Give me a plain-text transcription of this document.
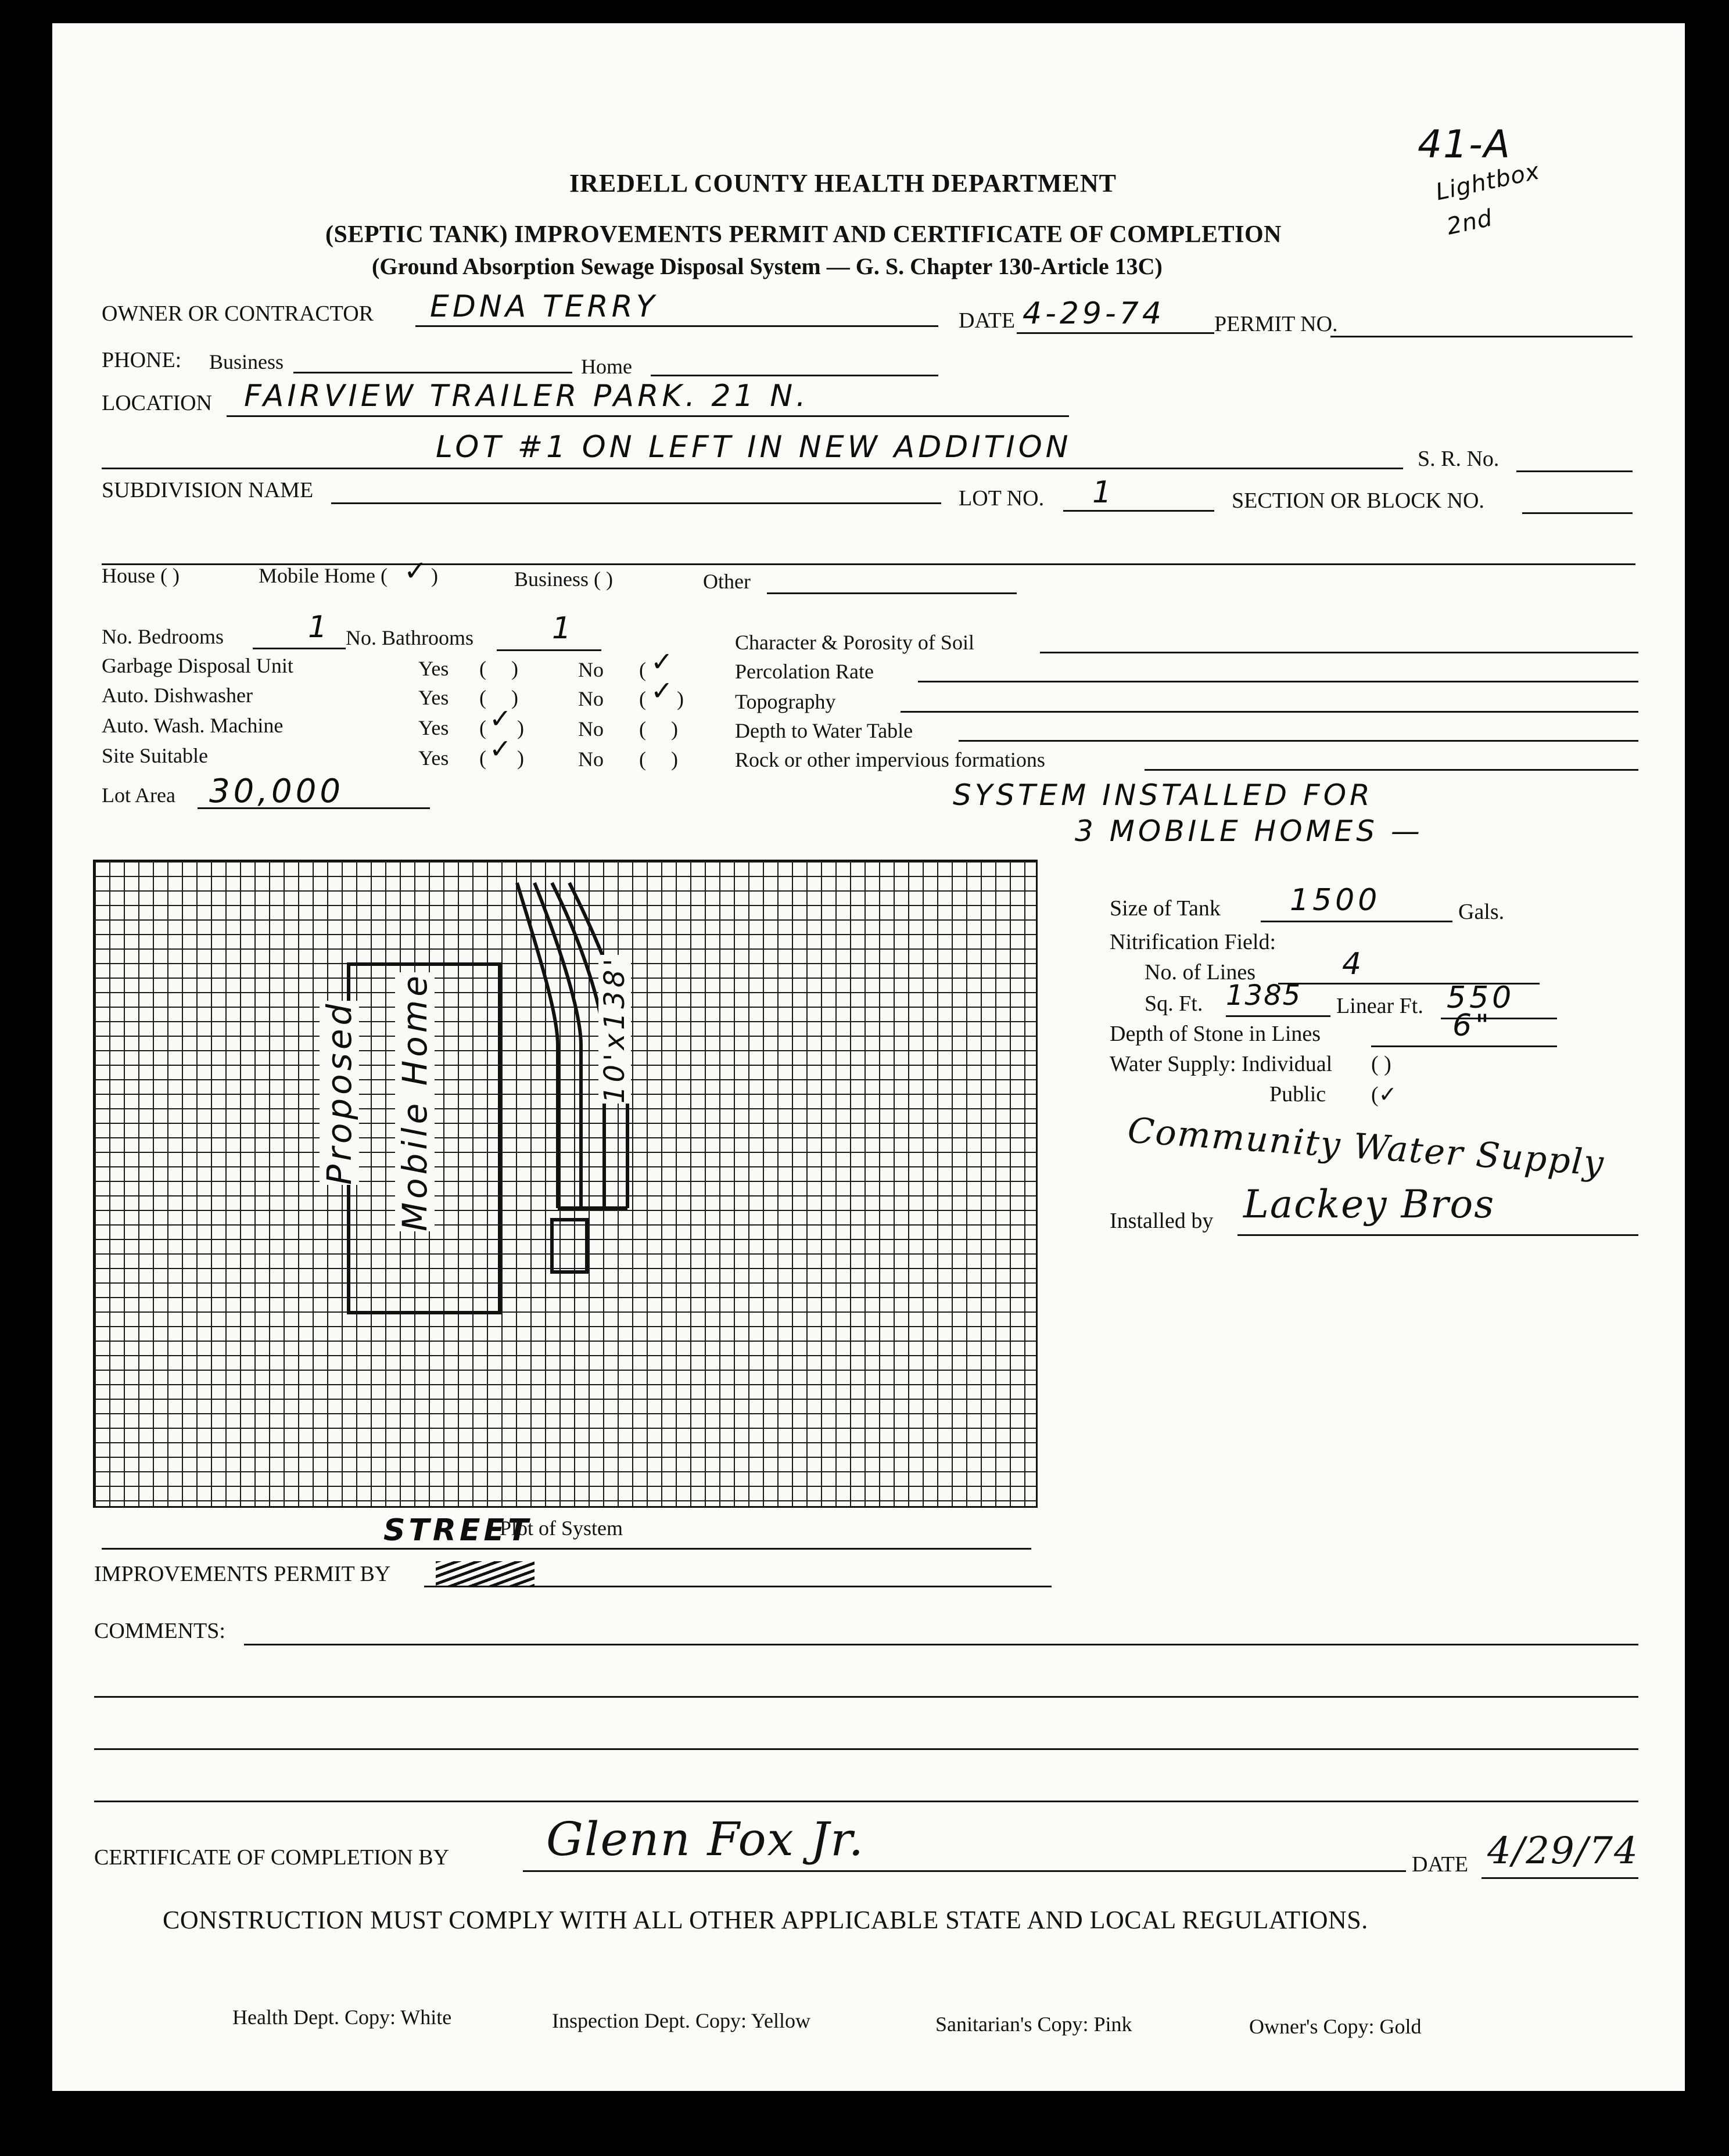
IREDELL COUNTY HEALTH DEPARTMENT
(SEPTIC TANK) IMPROVEMENTS PERMIT AND CERTIFICATE OF COMPLETION
(Ground Absorption Sewage Disposal System — G. S. Chapter 130-Article 13C)
41-A
Lightbox
2nd
OWNER OR CONTRACTOR EDNA TERRY	DATE 4-29-74 PERMIT NO.
PHONE: Business	Home
LOCATION FAIRVIEW TRAILER PARK. 21 N.
LOT #1 ON LEFT IN NEW ADDITION	S. R. No.
SUBDIVISION NAME	LOT NO. 1	SECTION OR BLOCK NO.
House ( )	Mobile Home ( ✓ )	Business ( )	Other
No. Bedrooms	1 No. Bathrooms	1
Garbage Disposal Unit	Yes ( )	No ( ✓
Auto. Dishwasher	Yes ( )	No ( ✓ )
Auto. Wash. Machine	Yes ( ✓ )	No ( )
Site Suitable	Yes ( ✓ )	No ( )
Lot Area 30,000
Character & Porosity of Soil
Percolation Rate
Topography
Depth to Water Table
Rock or other impervious formations
SYSTEM INSTALLED FOR
3 MOBILE HOMES —
Proposed Mobile Home	10'x138'
STREET
Plot of System
Size of Tank 1500	Gals.
Nitrification Field:
No. of Lines	4
Sq. Ft. 1385 Linear Ft. 550
Depth of Stone in Lines	6"
Water Supply: Individual ( )
Public (✓
Community Water Supply
Installed by Lackey Bros
IMPROVEMENTS PERMIT BY
COMMENTS:
CERTIFICATE OF COMPLETION BY Glenn Fox Jr.	DATE 4/29/74
CONSTRUCTION MUST COMPLY WITH ALL OTHER APPLICABLE STATE AND LOCAL REGULATIONS.
Health Dept. Copy: White	Inspection Dept. Copy: Yellow	Sanitarian's Copy: Pink	Owner's Copy: Gold
